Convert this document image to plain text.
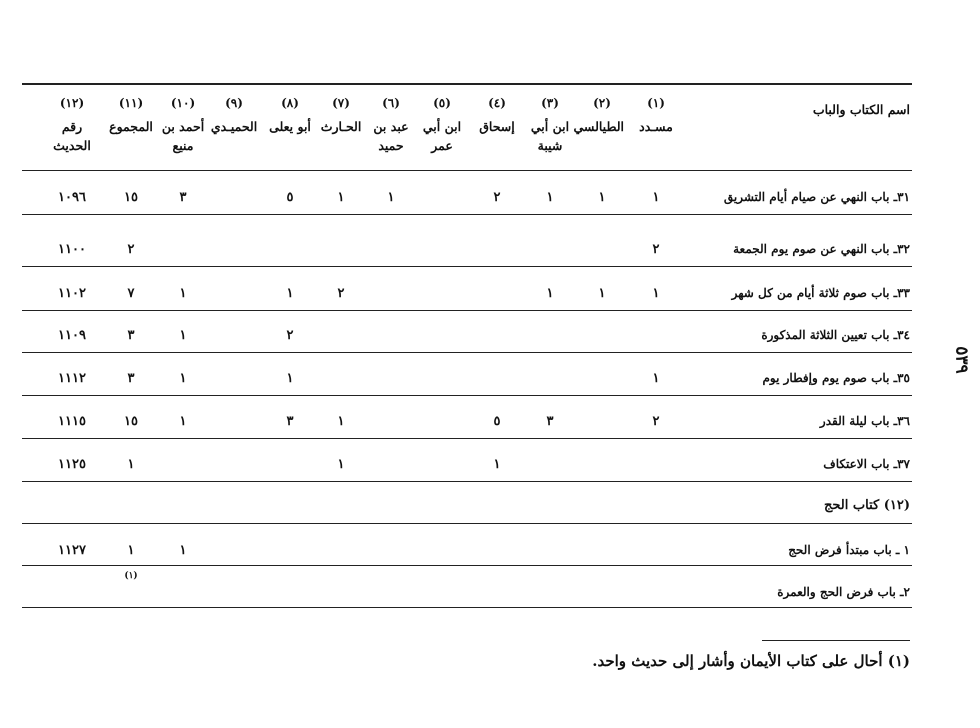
٥٣٩
اسم الكتاب والباب
(١)
مسـدد
(٢)
الطيالسي
(٣)
ابن أبي شيبة
(٤)
إسحاق
(٥)
ابن أبي عمر
(٦)
عبد بن حميد
(٧)
الحـارث
(٨)
أبو يعلى
(٩)
الحميـدي
(١٠)
أحمد بن منيع
(١١)
المجموع
(١٢)
رقم الحديث
٣١ـ باب النهي عن صيام أيام التشريق
١
١
١
٢
١
١
٥
٣
١٥
١٠٩٦
٣٢ـ باب النهي عن صوم يوم الجمعة
٢
٢
١١٠٠
٣٣ـ باب صوم ثلاثة أيام من كل شهر
١
١
١
٢
١
١
٧
١١٠٢
٣٤ـ باب تعيين الثلاثة المذكورة
٢
١
٣
١١٠٩
٣٥ـ باب صوم يوم وإفطار يوم
١
١
١
٣
١١١٢
٣٦ـ باب ليلة القدر
٢
٣
٥
١
٣
١
١٥
١١١٥
٣٧ـ باب الاعتكاف
١
١
١
١١٢٥
(١٢) كتاب الحج
١ ـ باب مبتدأ فرض الحج
١
١
١١٢٧
٢ـ باب فرض الحج والعمرة
(١)
(١) أحال على كتاب الأيمان وأشار إلى حديث واحد.
